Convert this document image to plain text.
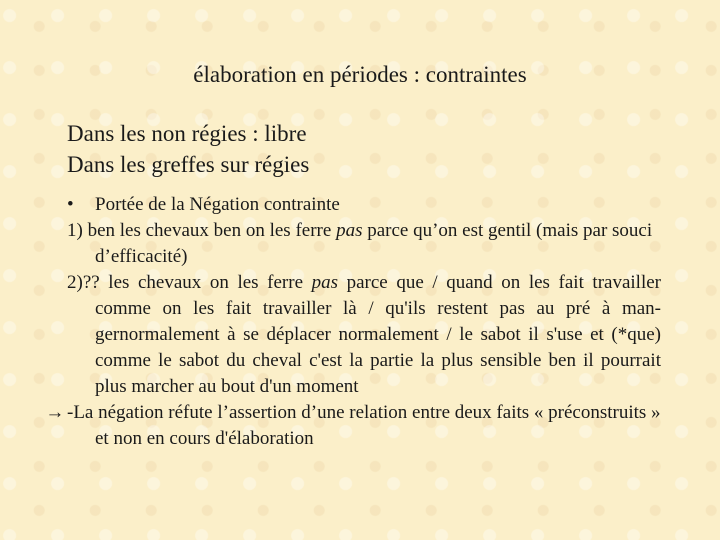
élaboration en périodes : contraintes
Dans les non régies : libre
Dans les greffes sur régies

• Portée de la Négation contrainte

1) ben les chevaux ben on les ferre pas parce qu’on est gentil (mais par souci d’efficacité)

2)?? les chevaux on les ferre pas parce que / quand on les fait travailler comme on les fait travailler là / qu'ils restent pas au pré à man-gernormalement à se déplacer normalement / le sabot il s'use et (*que) comme le sabot du cheval c'est la partie la plus sensible ben il pourrait plus marcher au bout d'un moment

-→ La négation réfute l’assertion d’une relation entre deux faits « préconstruits » et non en cours d'élaboration
